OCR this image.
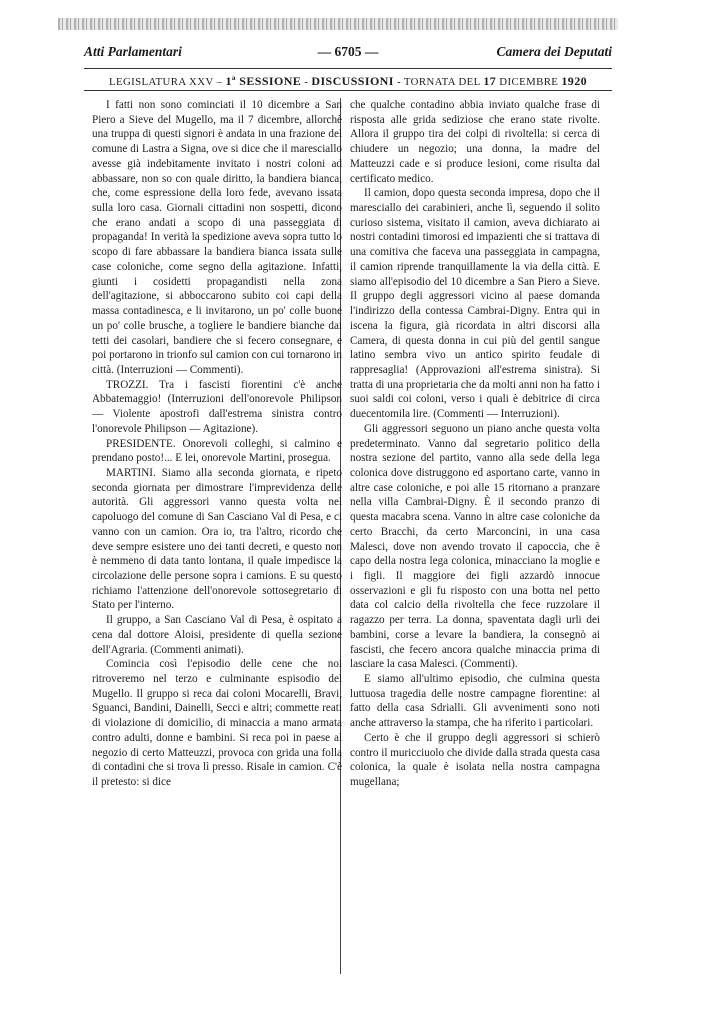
Atti Parlamentari	— 6705 —	Camera dei Deputati
LEGISLATURA XXV – 1ª SESSIONE - DISCUSSIONI - TORNATA DEL 17 DICEMBRE 1920

I fatti non sono cominciati il 10 dicembre a San Piero a Sieve del Mugello, ma il 7 dicembre, allorchè una truppa di questi signori è andata in una frazione del comune di Lastra a Signa, ove si dice che il maresciallo avesse già indebitamente invitato i nostri coloni ad abbassare, non so con quale diritto, la bandiera bianca, che, come espressione della loro fede, avevano issata sulla loro casa. Giornali cittadini non sospetti, dicono che erano andati a scopo di una passeggiata di propaganda! In verità la spedizione aveva sopra tutto lo scopo di fare abbassare la bandiera bianca issata sulle case coloniche, come segno della agitazione. Infatti, giunti i cosidetti propagandisti nella zona dell'agitazione, si abboccarono subito coi capi della massa contadinesca, e li invitarono, un po' colle buone un po' colle brusche, a togliere le bandiere bianche dai tetti dei casolari, bandiere che si fecero consegnare, e poi portarono in trionfo sul camion con cui tornarono in città. (Interruzioni — Commenti).

TROZZI. Tra i fascisti fiorentini c'è anche Abbatemaggio! (Interruzioni dell'onorevole Philipson — Violente apostrofi dall'estrema sinistra contro l'onorevole Philipson — Agitazione).

PRESIDENTE. Onorevoli colleghi, si calmino e prendano posto!... E lei, onorevole Martini, prosegua.

MARTINI. Siamo alla seconda giornata, e ripeto seconda giornata per dimostrare l'imprevidenza delle autorità. Gli aggressori vanno questa volta nel capoluogo del comune di San Casciano Val di Pesa, e ci vanno con un camion. Ora io, tra l'altro, ricordo che deve sempre esistere uno dei tanti decreti, e questo non è nemmeno di data tanto lontana, il quale impedisce la circolazione delle persone sopra i camions. E su questo richiamo l'attenzione dell'onorevole sottosegretario di Stato per l'interno.

Il gruppo, a San Casciano Val di Pesa, è ospitato a cena dal dottore Aloisi, presidente di quella sezione dell'Agraria. (Commenti animati).

Comincia così l'episodio delle cene che noi ritroveremo nel terzo e culminante espisodio del Mugello. Il gruppo si reca dai coloni Mocarelli, Bravi, Sguanci, Bandini, Dainelli, Secci e altri; commette reati di violazione di domicilio, di minaccia a mano armata contro adulti, donne e bambini. Si reca poi in paese al negozio di certo Matteuzzi, provoca con grida una folla di contadini che si trova lì presso. Risale in camion. C'è il pretesto: si dice

che qualche contadino abbia inviato qualche frase di risposta alle grida sediziose che erano state rivolte. Allora il gruppo tira dei colpi di rivoltella: si cerca di chiudere un negozio; una donna, la madre del Matteuzzi cade e si produce lesioni, come risulta dal certificato medico.

Il camion, dopo questa seconda impresa, dopo che il maresciallo dei carabinieri, anche lì, seguendo il solito curioso sistema, visitato il camion, aveva dichiarato ai nostri contadini timorosi ed impazienti che si trattava di una comitiva che faceva una passeggiata in campagna, il camion riprende tranquillamente la via della città. E siamo all'episodio del 10 dicembre a San Piero a Sieve. Il gruppo degli aggressori vicino al paese domanda l'indirizzo della contessa Cambrai-Digny. Entra qui in iscena la figura, già ricordata in altri discorsi alla Camera, di questa donna in cui più del gentil sangue latino sembra vivo un antico spirito feudale di rappresaglia! (Approvazioni all'estrema sinistra). Si tratta di una proprietaria che da molti anni non ha fatto i suoi saldi coi coloni, verso i quali è debitrice di circa duecentomila lire. (Commenti — Interruzioni).

Gli aggressori seguono un piano anche questa volta predeterminato. Vanno dal segretario politico della nostra sezione del partito, vanno alla sede della lega colonica dove distruggono ed asportano carte, vanno in altre case coloniche, e poi alle 15 ritornano a pranzare nella villa Cambrai-Digny. È il secondo pranzo di questa macabra scena. Vanno in altre case coloniche da certo Bracchi, da certo Marconcini, in una casa Malesci, dove non avendo trovato il capoccia, che è capo della nostra lega colonica, minacciano la moglie e i figli. Il maggiore dei figli azzardò innocue osservazioni e gli fu risposto con una botta nel petto data col calcio della rivoltella che fece ruzzolare il ragazzo per terra. La donna, spaventata dagli urli dei bambini, corse a levare la bandiera, la consegnò ai fascisti, che fecero ancora qualche minaccia prima di lasciare la casa Malesci. (Commenti).

E siamo all'ultimo episodio, che culmina questa luttuosa tragedia delle nostre campagne fiorentine: al fatto della casa Sdrialli. Gli avvenimenti sono noti anche attraverso la stampa, che ha riferito i particolari.

Certo è che il gruppo degli aggressori si schierò contro il muricciuolo che divide dalla strada questa casa colonica, la quale è isolata nella nostra campagna mugellana;
